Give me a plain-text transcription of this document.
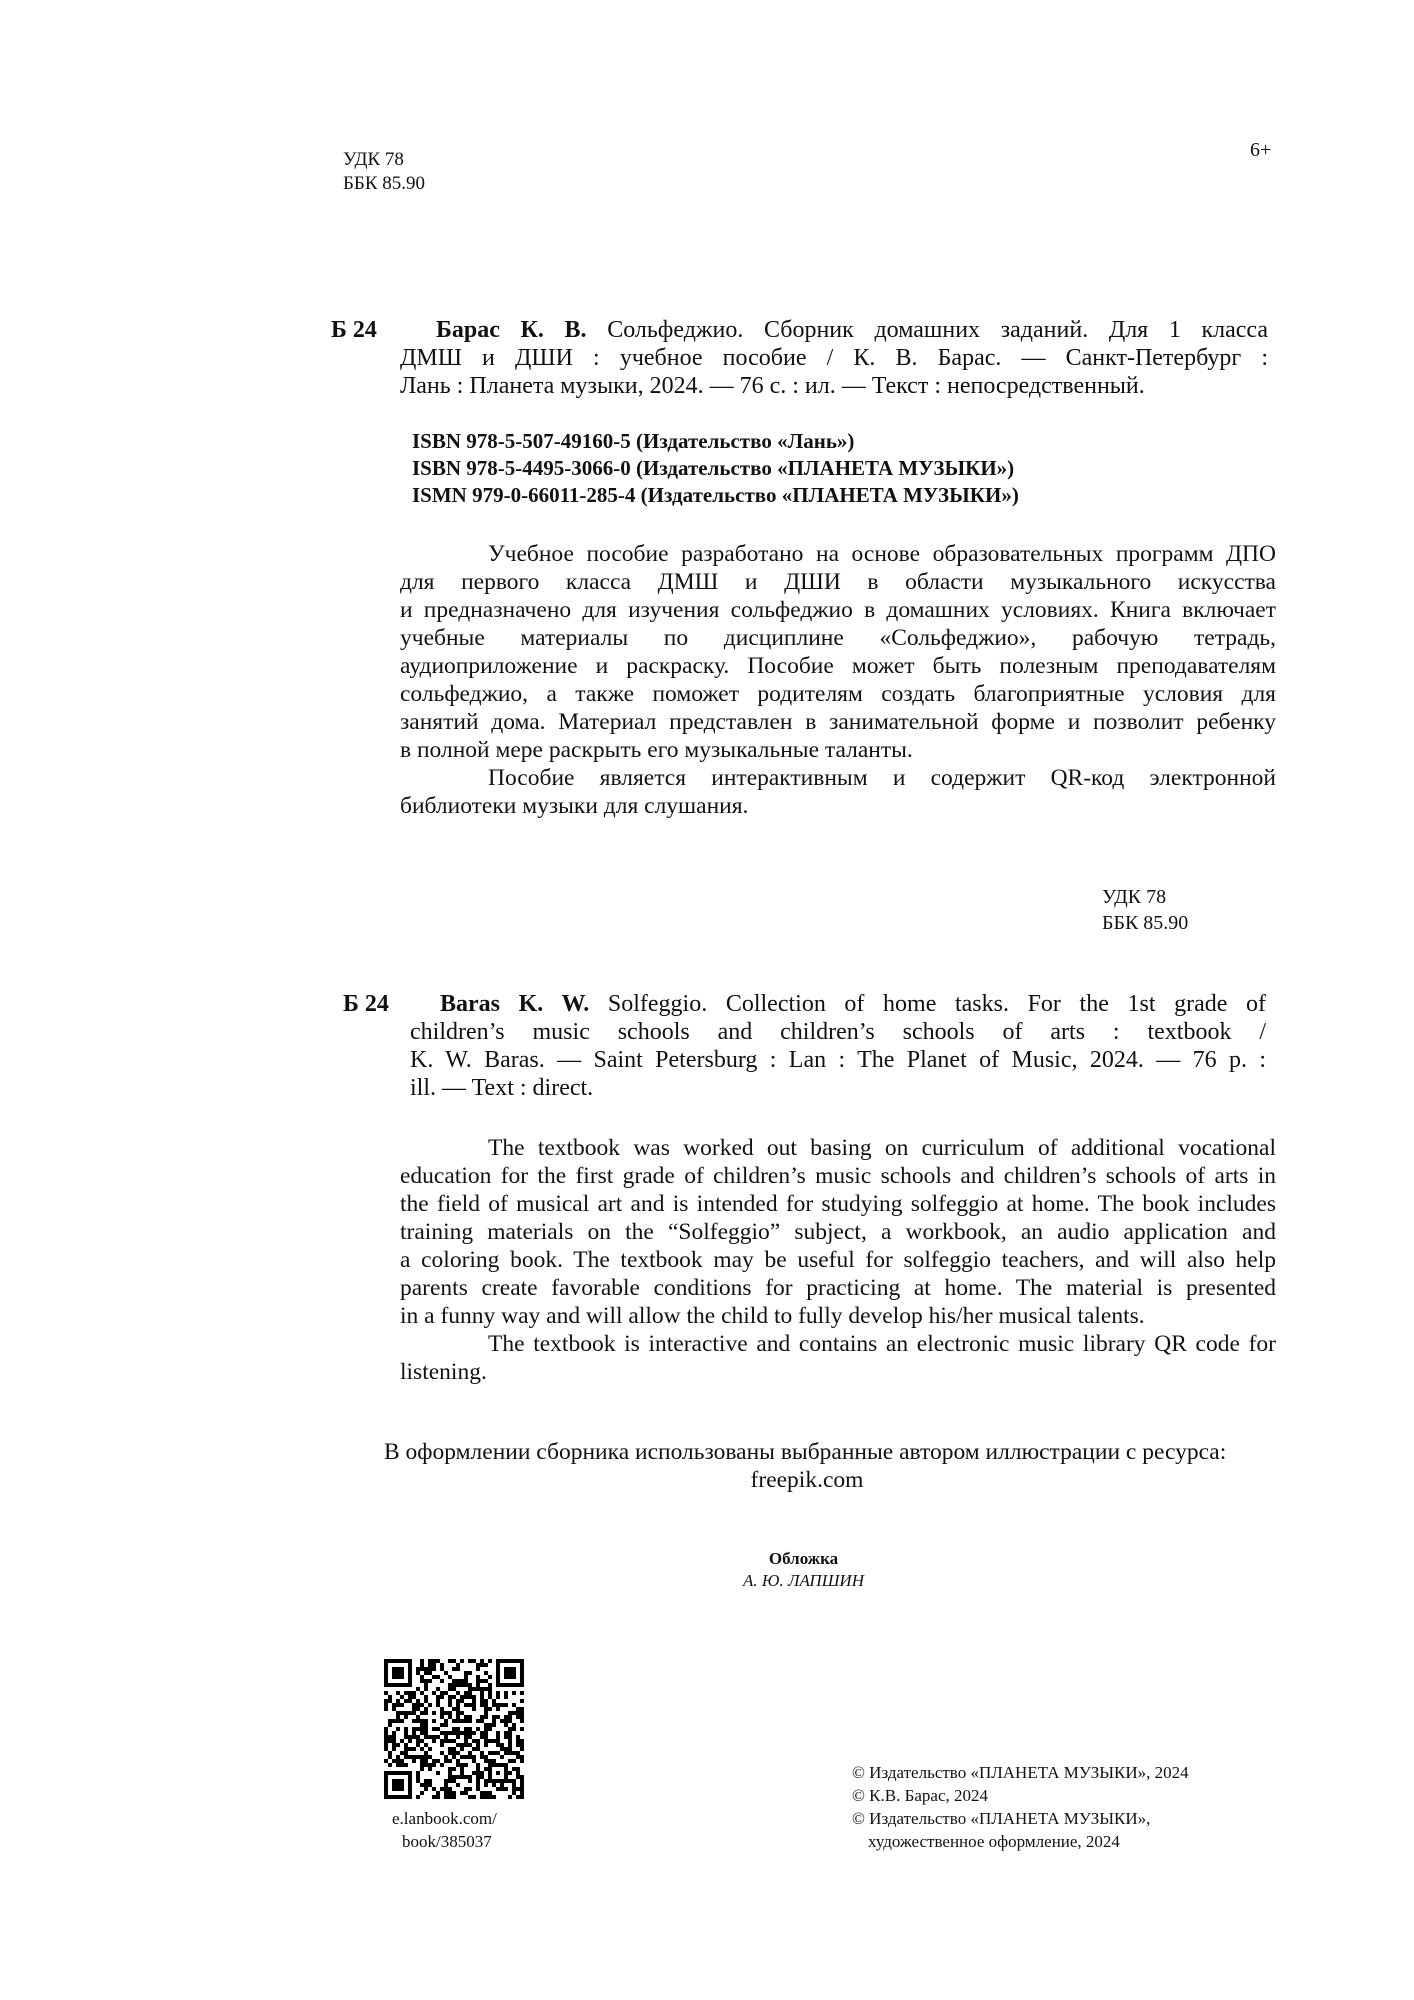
УДК 78
ББК 85.90
6+
Б 24 Барас К. В. Сольфеджио. Сборник домашних заданий. Для 1 класса
ДМШ и ДШИ : учебное пособие / К. В. Барас. — Санкт-Петербург :
Лань : Планета музыки, 2024. — 76 с. : ил. — Текст : непосредственный.
ISBN 978-5-507-49160-5 (Издательство «Лань»)
ISBN 978-5-4495-3066-0 (Издательство «ПЛАНЕТА МУЗЫКИ»)
ISMN 979-0-66011-285-4 (Издательство «ПЛАНЕТА МУЗЫКИ»)
Учебное пособие разработано на основе образовательных программ ДПО
для первого класса ДМШ и ДШИ в области музыкального искусства
и предназначено для изучения сольфеджио в домашних условиях. Книга включает
учебные материалы по дисциплине «Сольфеджио», рабочую тетрадь,
аудиоприложение и раскраску. Пособие может быть полезным преподавателям
сольфеджио, а также поможет родителям создать благоприятные условия для
занятий дома. Материал представлен в занимательной форме и позволит ребенку
в полной мере раскрыть его музыкальные таланты.
Пособие является интерактивным и содержит QR-код электронной
библиотеки музыки для слушания.
УДК 78
ББК 85.90
Б 24 Baras K. W. Solfeggio. Collection of home tasks. For the 1st grade of
children’s music schools and children’s schools of arts : textbook /
K. W. Baras. — Saint Petersburg : Lan : The Planet of Music, 2024. — 76 p. :
ill. — Text : direct.
The textbook was worked out basing on curriculum of additional vocational
education for the first grade of children’s music schools and children’s schools of arts in
the field of musical art and is intended for studying solfeggio at home. The book includes
training materials on the “Solfeggio” subject, a workbook, an audio application and
a coloring book. The textbook may be useful for solfeggio teachers, and will also help
parents create favorable conditions for practicing at home. The material is presented
in a funny way and will allow the child to fully develop his/her musical talents.
The textbook is interactive and contains an electronic music library QR code for
listening.
В оформлении сборника использованы выбранные автором иллюстрации с ресурса:
freepik.com
Обложка
А. Ю. ЛАПШИН
e.lanbook.com/
book/385037
© Издательство «ПЛАНЕТА МУЗЫКИ», 2024
© К.В. Барас, 2024
© Издательство «ПЛАНЕТА МУЗЫКИ»,
художественное оформление, 2024
